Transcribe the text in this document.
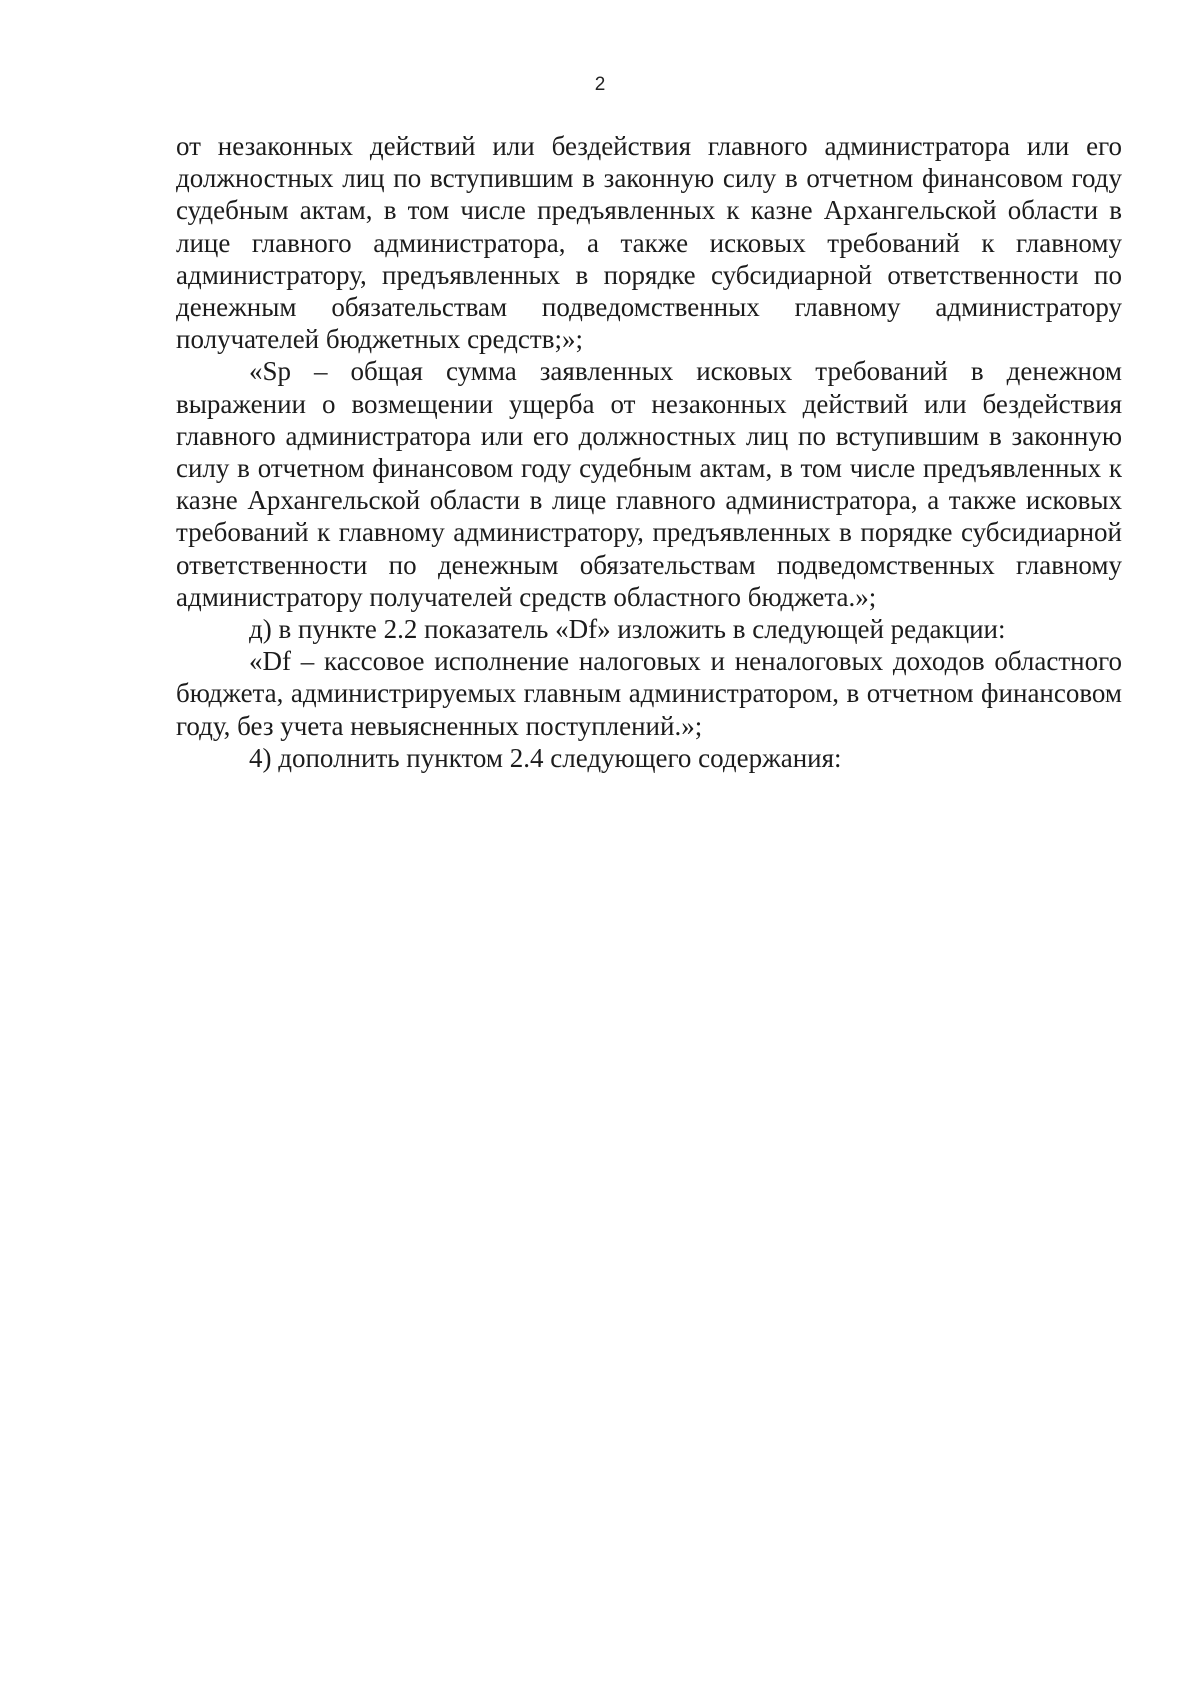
2

от незаконных действий или бездействия главного администратора или его должностных лиц по вступившим в законную силу в отчетном финансовом году судебным актам, в том числе предъявленных к казне Архангельской области в лице главного администратора, а также исковых требований к главному администратору, предъявленных в порядке субсидиарной ответственности по денежным обязательствам подведомственных главному администратору получателей бюджетных средств;»;

«Sp – общая сумма заявленных исковых требований в денежном выражении о возмещении ущерба от незаконных действий или бездействия главного администратора или его должностных лиц по вступившим в законную силу в отчетном финансовом году судебным актам, в том числе предъявленных к казне Архангельской области в лице главного администратора, а также исковых требований к главному администратору, предъявленных в порядке субсидиарной ответственности по денежным обязательствам подведомственных главному администратору получателей средств областного бюджета.»;

д) в пункте 2.2 показатель «Df» изложить в следующей редакции:

«Df – кассовое исполнение налоговых и неналоговых доходов областного бюджета, администрируемых главным администратором, в отчетном финансовом году, без учета невыясненных поступлений.»;

4) дополнить пунктом 2.4 следующего содержания:
